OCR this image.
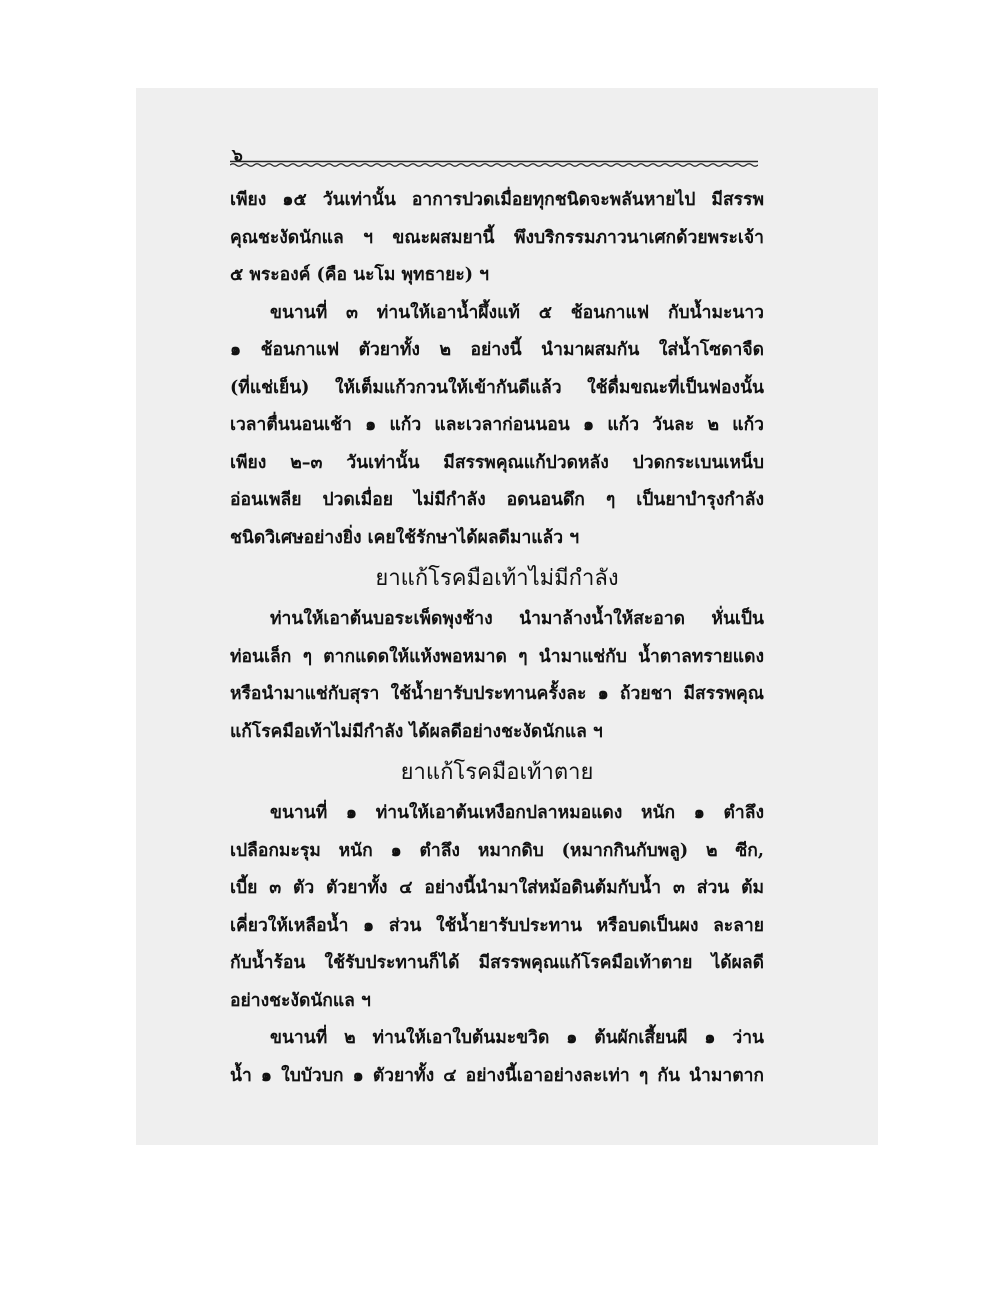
๖

เพียง ๑๕ วันเท่านั้น อาการปวดเมื่อยทุกชนิดจะพลันหายไป มีสรรพ

คุณชะงัดนักแล ฯ ขณะผสมยานี้ พึงบริกรรมภาวนาเศกด้วยพระเจ้า

๕ พระองค์ (คือ นะโม พุทธายะ) ฯ

ขนานที่ ๓ ท่านให้เอาน้ำผึ้งแท้ ๕ ช้อนกาแฟ กับน้ำมะนาว

๑ ช้อนกาแฟ ตัวยาทั้ง ๒ อย่างนี้ นำมาผสมกัน ใส่น้ำโซดาจืด

(ที่แช่เย็น) ให้เต็มแก้วกวนให้เข้ากันดีแล้ว ใช้ดื่มขณะที่เป็นฟองนั้น

เวลาตื่นนอนเช้า ๑ แก้ว และเวลาก่อนนอน ๑ แก้ว วันละ ๒ แก้ว

เพียง ๒–๓ วันเท่านั้น มีสรรพคุณแก้ปวดหลัง ปวดกระเบนเหน็บ

อ่อนเพลีย ปวดเมื่อย ไม่มีกำลัง อดนอนดึก ๆ เป็นยาบำรุงกำลัง

ชนิดวิเศษอย่างยิ่ง เคยใช้รักษาได้ผลดีมาแล้ว ฯ

ยาแก้โรคมือเท้าไม่มีกำลัง

ท่านให้เอาต้นบอระเพ็ดพุงช้าง นำมาล้างน้ำให้สะอาด หั่นเป็น

ท่อนเล็ก ๆ ตากแดดให้แห้งพอหมาด ๆ นำมาแช่กับ น้ำตาลทรายแดง

หรือนำมาแช่กับสุรา ใช้น้ำยารับประทานครั้งละ ๑ ถ้วยชา มีสรรพคุณ

แก้โรคมือเท้าไม่มีกำลัง ได้ผลดีอย่างชะงัดนักแล ฯ

ยาแก้โรคมือเท้าตาย

ขนานที่ ๑ ท่านให้เอาต้นเหงือกปลาหมอแดง หนัก ๑ ตำลึง

เปลือกมะรุม หนัก ๑ ตำลึง หมากดิบ (หมากกินกับพลู) ๒ ซีก,

เบี้ย ๓ ตัว ตัวยาทั้ง ๔ อย่างนี้นำมาใส่หม้อดินต้มกับน้ำ ๓ ส่วน ต้ม

เคี่ยวให้เหลือน้ำ ๑ ส่วน ใช้น้ำยารับประทาน หรือบดเป็นผง ละลาย

กับน้ำร้อน ใช้รับประทานก็ได้ มีสรรพคุณแก้โรคมือเท้าตาย ได้ผลดี

อย่างชะงัดนักแล ฯ

ขนานที่ ๒ ท่านให้เอาใบต้นมะขวิด ๑ ต้นผักเสี้ยนผี ๑ ว่าน

น้ำ ๑ ใบบัวบก ๑ ตัวยาทั้ง ๔ อย่างนี้เอาอย่างละเท่า ๆ กัน นำมาตาก
